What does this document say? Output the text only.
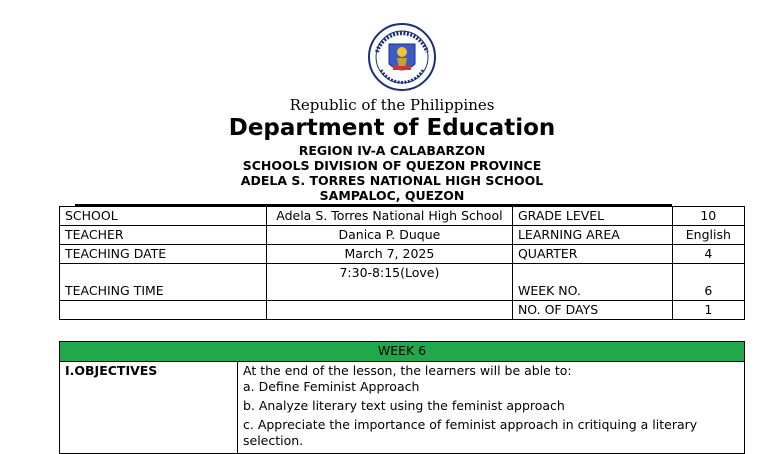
Republic of the Philippines
Department of Education
REGION IV-A CALABARZON
SCHOOLS DIVISION OF QUEZON PROVINCE
ADELA S. TORRES NATIONAL HIGH SCHOOL
SAMPALOC, QUEZON
SCHOOL	Adela S. Torres National High School	GRADE LEVEL	10
TEACHER	Danica P. Duque	LEARNING AREA	English
TEACHING DATE	March 7, 2025	QUARTER	4
TEACHING TIME	7:30-8:15(Love)	WEEK NO.	6
		NO. OF DAYS	1
WEEK 6
I.OBJECTIVES	At the end of the lesson, the learners will be able to:

a. Define Feminist Approach

b. Analyze literary text using the feminist approach

c. Appreciate the importance of feminist approach in critiquing a literary selection.
